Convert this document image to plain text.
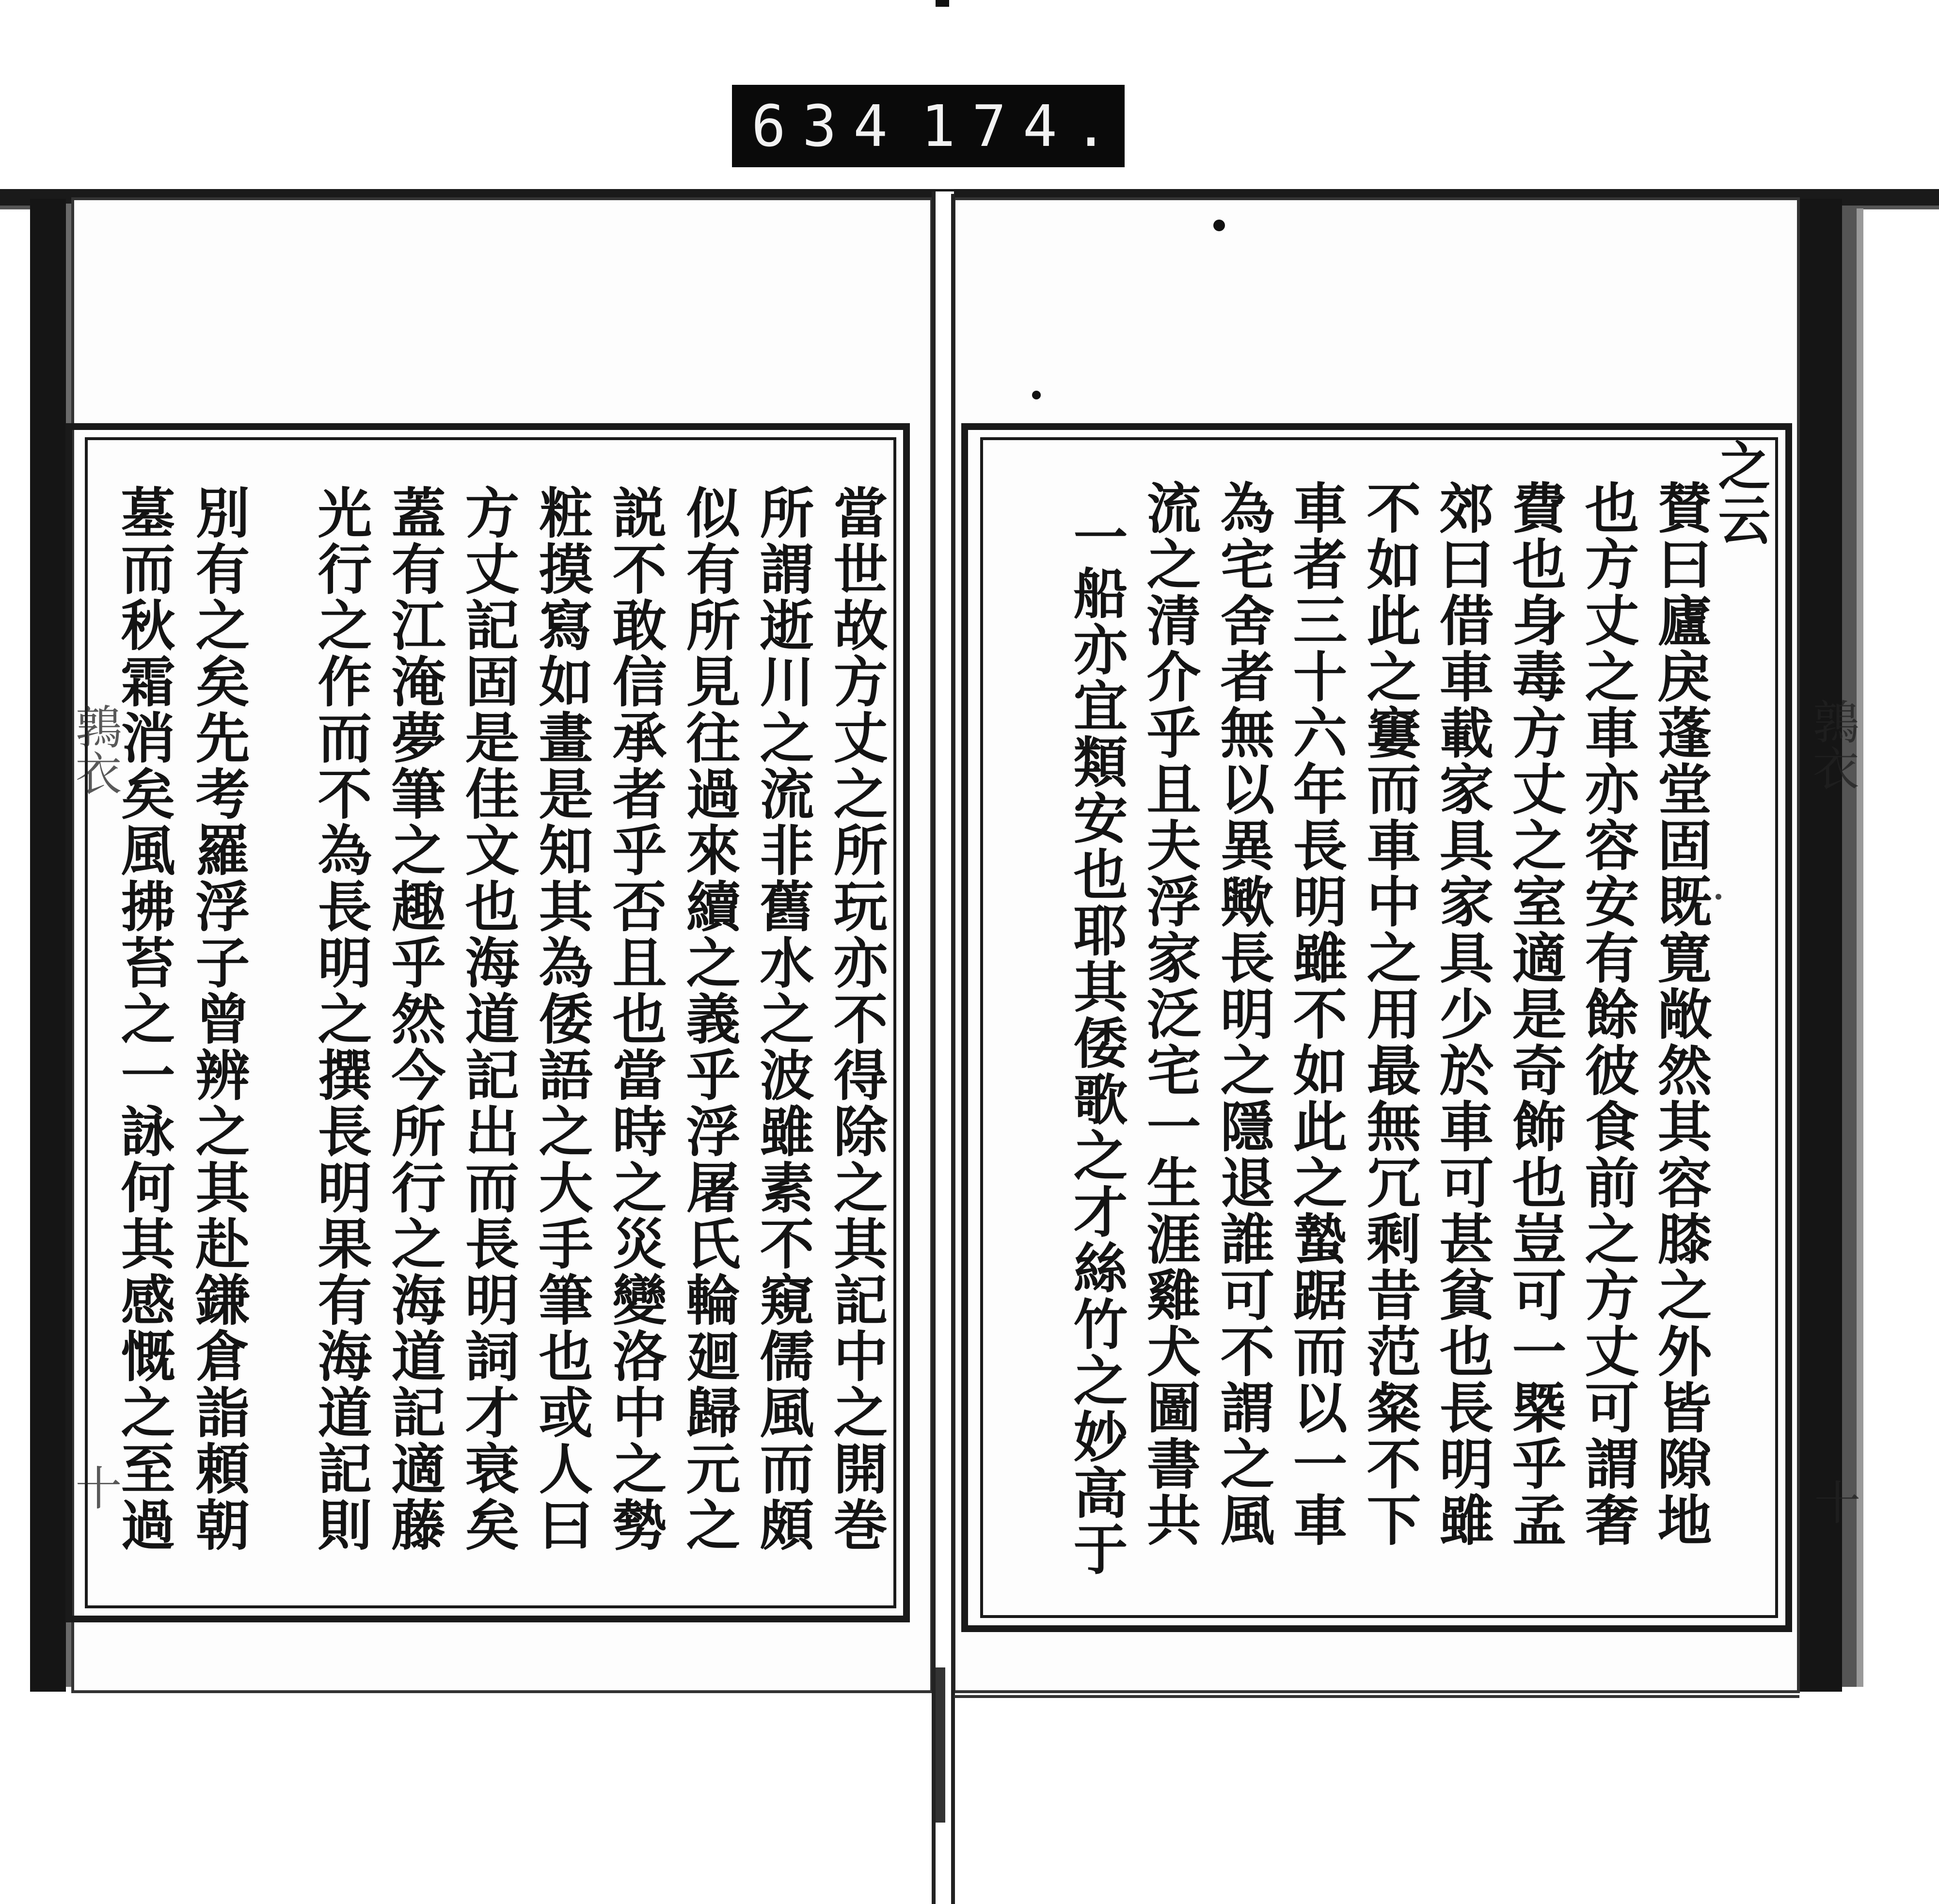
634 174.
之云
賛曰廬戾蓬堂固既寛敞然其容膝之外皆隙地
也方丈之車亦容安有餘彼食前之方丈可謂奢
費也身毒方丈之室適是奇飾也豈可一槩乎孟
郊曰借車載家具家具少於車可甚貧也長明雖
不如此之窶而車中之用最無冗剩昔范粲不下
車者三十六年長明雖不如此之蟄踞而以一車
為宅舍者無以異歟長明之隱退誰可不謂之風
流之清介乎且夫浮家泛宅一生涯雞犬圖書共
一船亦宜類安也耶其倭歌之才絲竹之妙高于	鶉衣
十
當世故方丈之所玩亦不得除之其記中之開巻
所謂逝川之流非舊水之波雖素不窺儒風而頗
似有所見往過來續之義乎浮屠氏輪廻歸元之
説不敢信承者乎否且也當時之災變洛中之勢
粧摸寫如畫是知其為倭語之大手筆也或人曰
方丈記固是佳文也海道記出而長明詞才衰矣
蓋有江淹夢筆之趣乎然今所行之海道記適藤
光行之作而不為長明之撰長明果有海道記則
別有之矣先考羅浮子曾辨之其赴鎌倉詣頼朝
墓而秋霜消矣風拂苔之一詠何其感慨之至過
鶉衣
十
